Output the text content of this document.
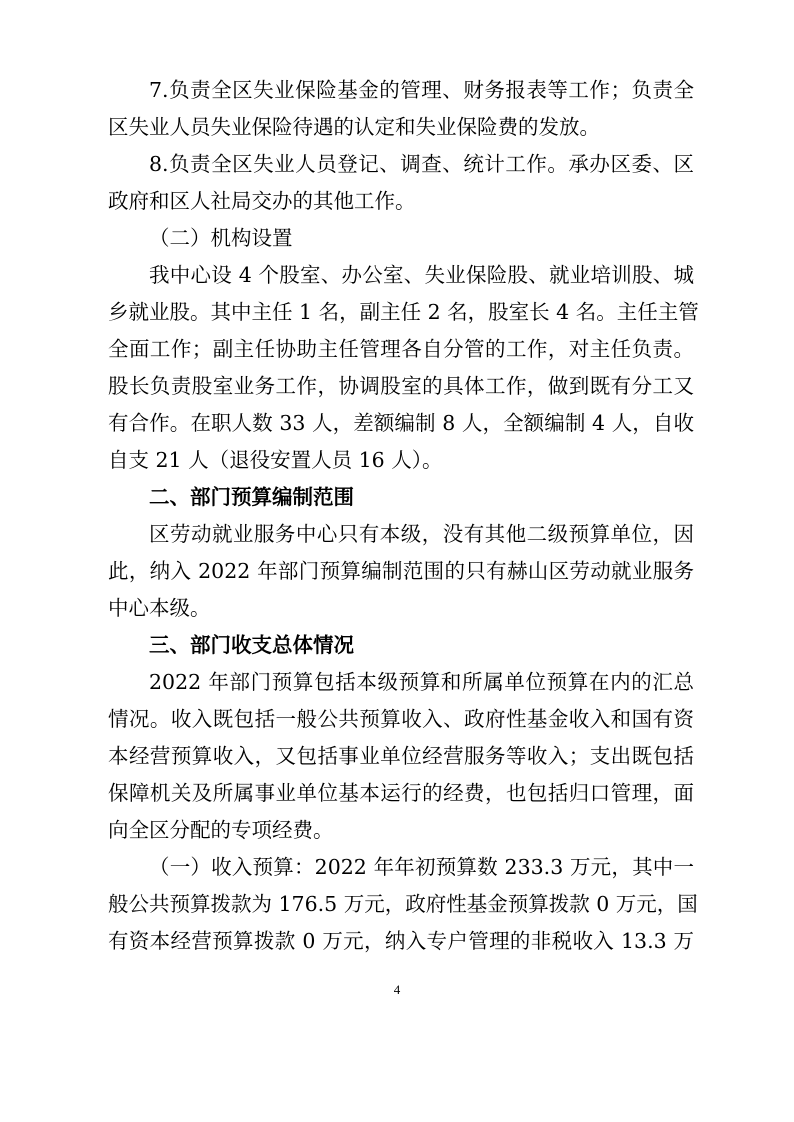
7.负责全区失业保险基金的管理、财务报表等工作；负责全
区失业人员失业保险待遇的认定和失业保险费的发放。
8.负责全区失业人员登记、调查、统计工作。承办区委、区
政府和区人社局交办的其他工作。
（二）机构设置
我中心设 4 个股室、办公室、失业保险股、就业培训股、城
乡就业股。其中主任 1 名，副主任 2 名，股室长 4 名。主任主管
全面工作；副主任协助主任管理各自分管的工作，对主任负责。
股长负责股室业务工作，协调股室的具体工作，做到既有分工又
有合作。在职人数 33 人，差额编制 8 人，全额编制 4 人，自收
自支 21 人（退役安置人员 16 人）。
二、部门预算编制范围
区劳动就业服务中心只有本级，没有其他二级预算单位，因
此，纳入 2022 年部门预算编制范围的只有赫山区劳动就业服务
中心本级。
三、部门收支总体情况
2022 年部门预算包括本级预算和所属单位预算在内的汇总
情况。收入既包括一般公共预算收入、政府性基金收入和国有资
本经营预算收入，又包括事业单位经营服务等收入；支出既包括
保障机关及所属事业单位基本运行的经费，也包括归口管理，面
向全区分配的专项经费。
（一）收入预算：2022 年年初预算数 233.3 万元，其中一
般公共预算拨款为 176.5 万元，政府性基金预算拨款 0 万元，国
有资本经营预算拨款 0 万元，纳入专户管理的非税收入 13.3 万
4
